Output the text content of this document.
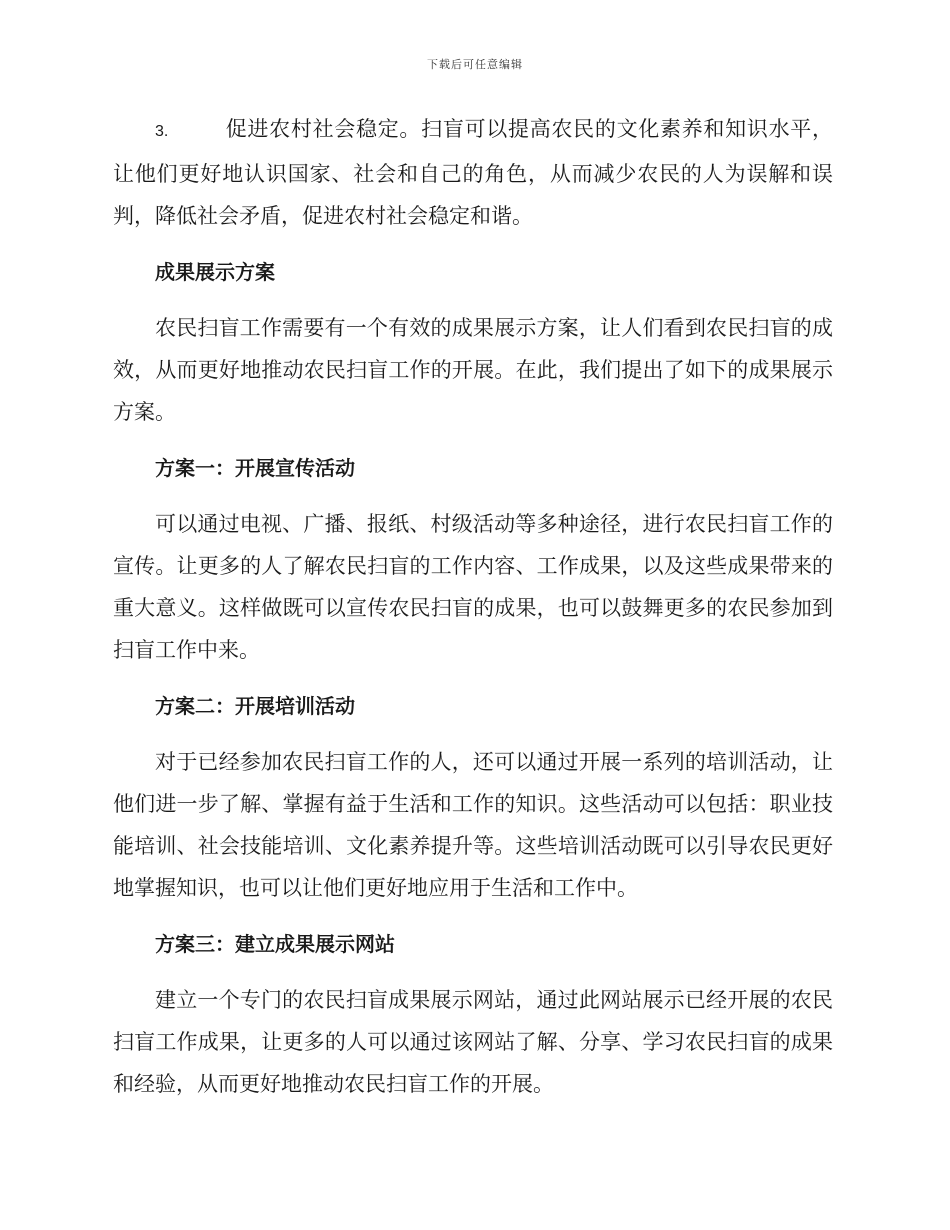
下载后可任意编辑

3.	促进农村社会稳定。扫盲可以提高农民的文化素养和知识水平，让他们更好地认识国家、社会和自己的角色，从而减少农民的人为误解和误判，降低社会矛盾，促进农村社会稳定和谐。

成果展示方案

农民扫盲工作需要有一个有效的成果展示方案，让人们看到农民扫盲的成效，从而更好地推动农民扫盲工作的开展。在此，我们提出了如下的成果展示方案。

方案一：开展宣传活动

可以通过电视、广播、报纸、村级活动等多种途径，进行农民扫盲工作的宣传。让更多的人了解农民扫盲的工作内容、工作成果，以及这些成果带来的重大意义。这样做既可以宣传农民扫盲的成果，也可以鼓舞更多的农民参加到扫盲工作中来。

方案二：开展培训活动

对于已经参加农民扫盲工作的人，还可以通过开展一系列的培训活动，让他们进一步了解、掌握有益于生活和工作的知识。这些活动可以包括：职业技能培训、社会技能培训、文化素养提升等。这些培训活动既可以引导农民更好地掌握知识，也可以让他们更好地应用于生活和工作中。

方案三：建立成果展示网站

建立一个专门的农民扫盲成果展示网站，通过此网站展示已经开展的农民扫盲工作成果，让更多的人可以通过该网站了解、分享、学习农民扫盲的成果和经验，从而更好地推动农民扫盲工作的开展。
